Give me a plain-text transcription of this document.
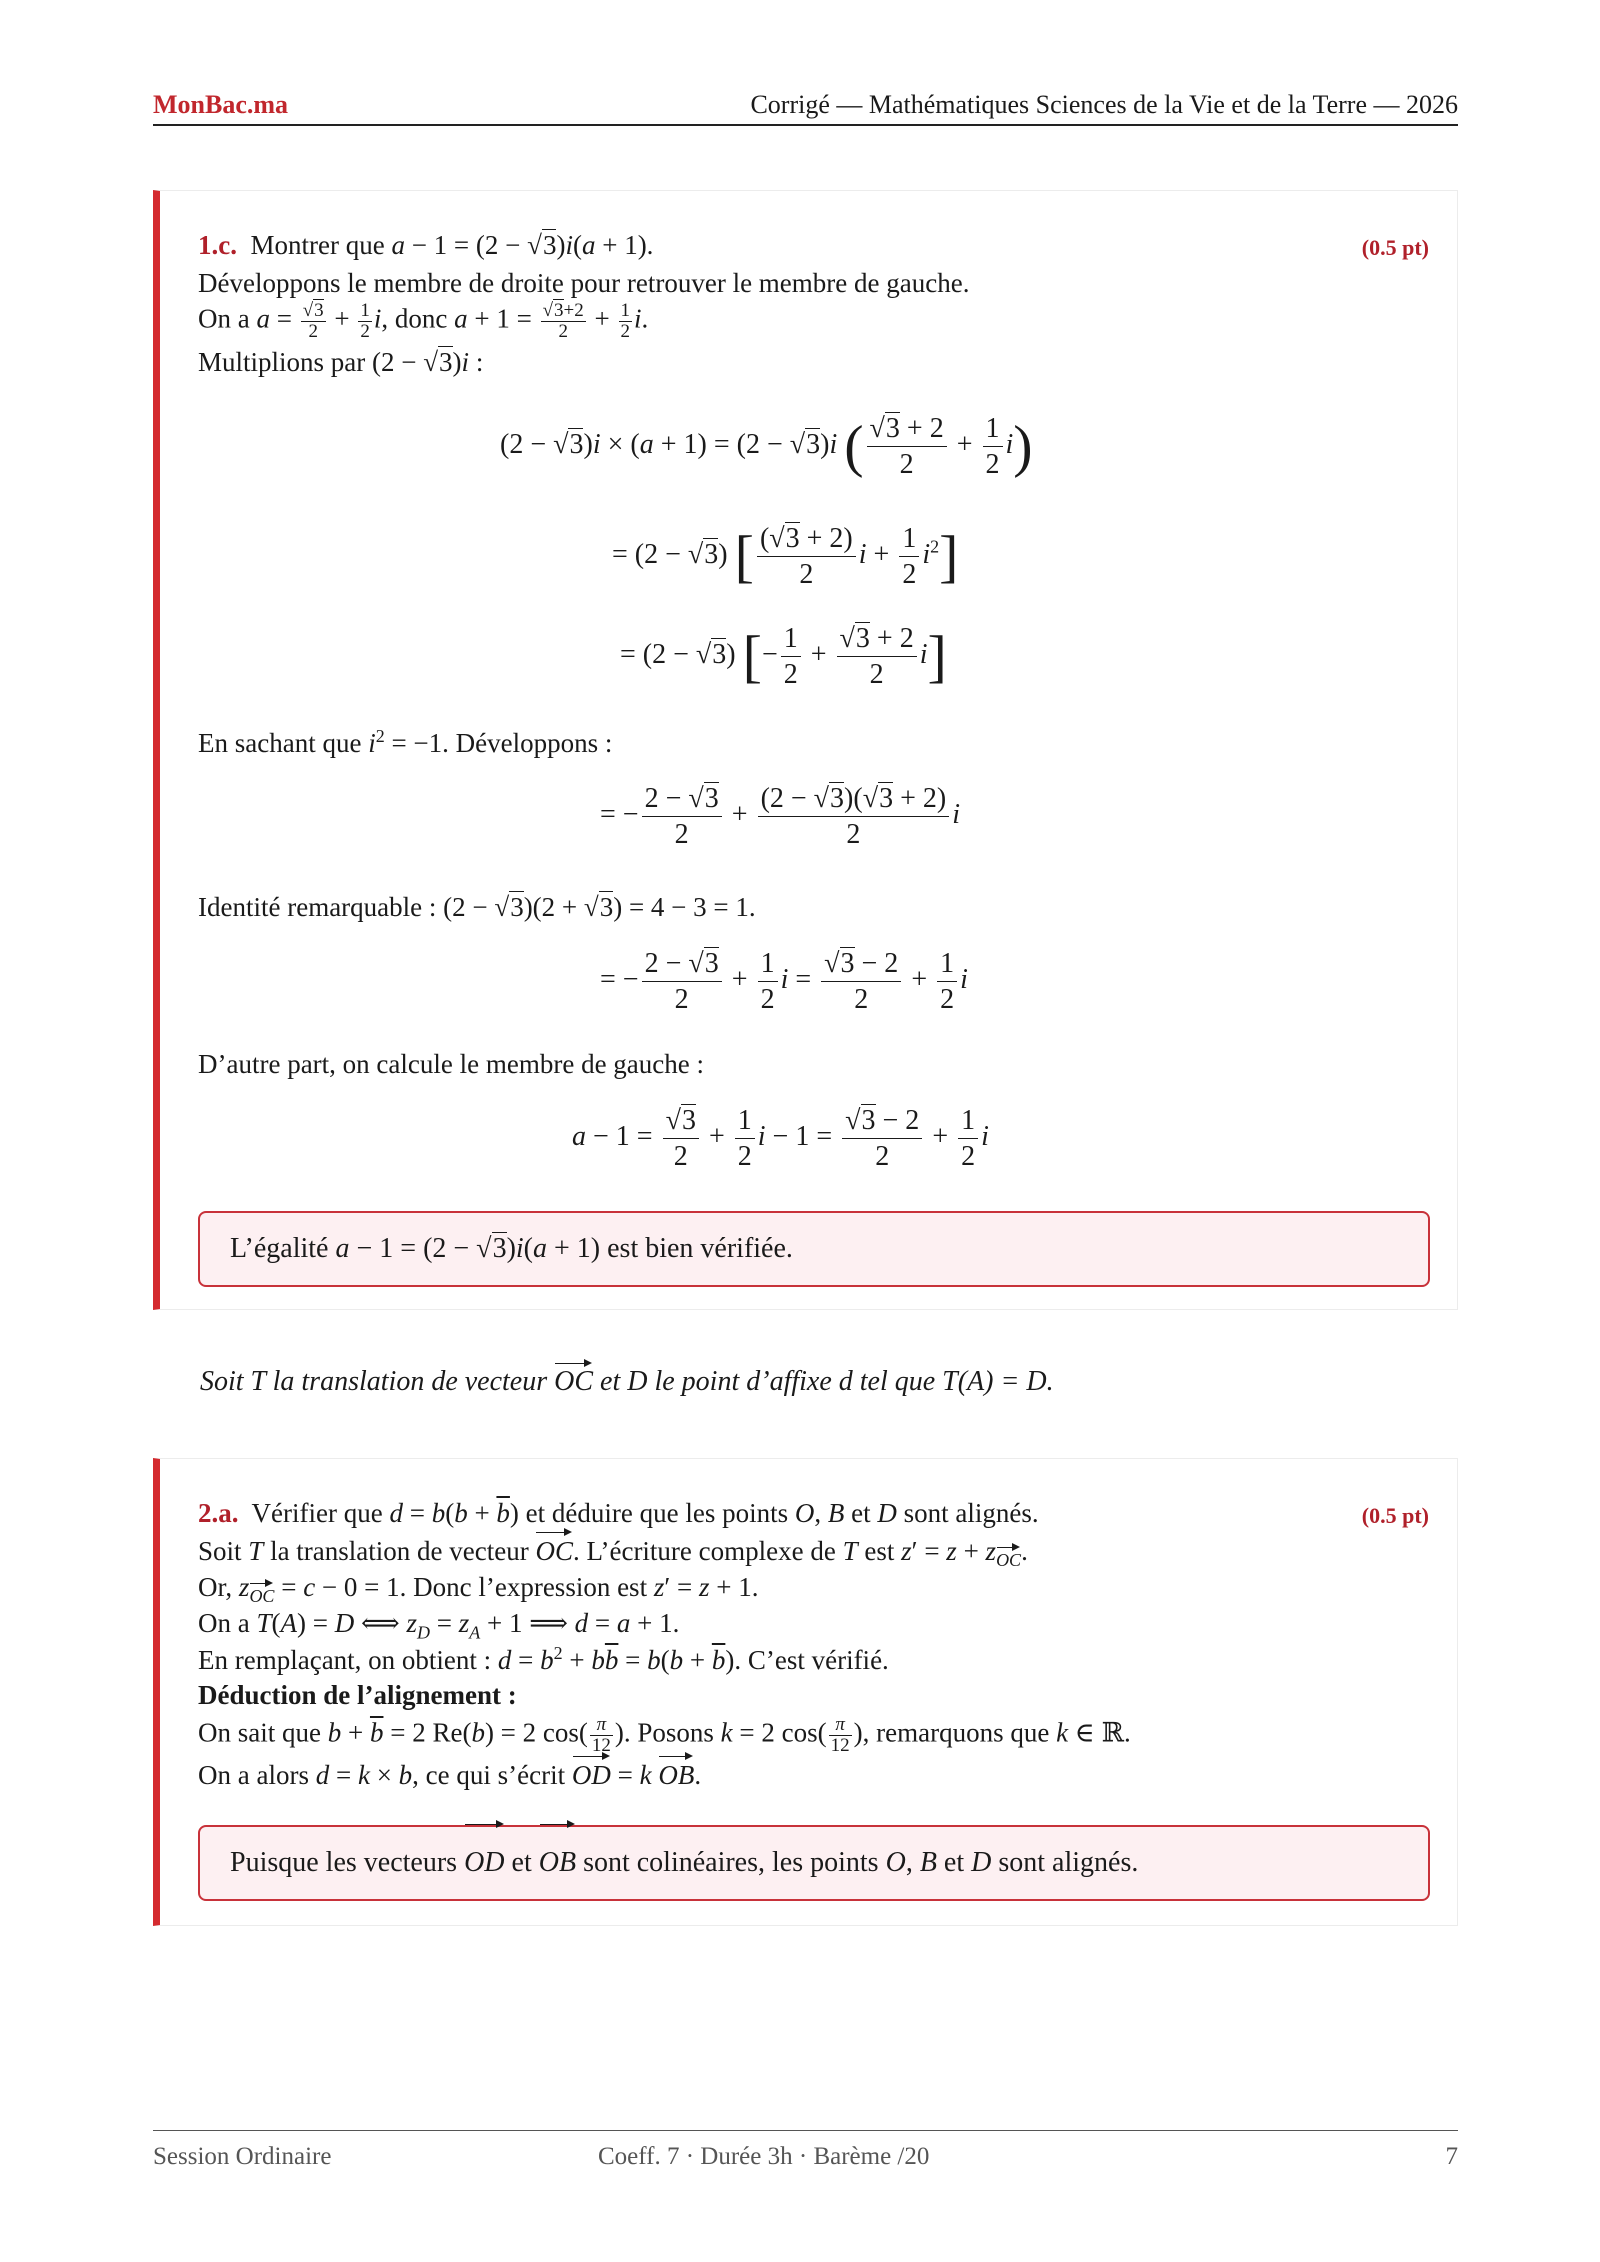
MonBac.ma	Corrigé — Mathématiques Sciences de la Vie et de la Terre — 2026
1.c.  Montrer que a − 1 = (2 − √3)i(a + 1).	(0.5 pt)
Développons le membre de droite pour retrouver le membre de gauche.
On a $a = \frac{√3}{2} + \frac{1}{2} i$, donc $a + 1 = \frac{√3+2}{2} + \frac{1}{2} i$.
Multiplions par (2 − √3)i :
(2 − √3)i × (a + 1) = (2 − √3)i ( $\frac{√3 + 2}{2} + \frac{1}{2} i$)
= (2 − √3) [ $\frac{(√3 + 2)}{2}$ $i + \frac{1}{2} i^2$]
= (2 − √3) [− $\frac{1}{2} + \frac{√3 + 2}{2} i$]
En sachant que $i^2 = -1$. Développons :
= − $\frac{2 - √3}{2} + \frac{(2 - √3)(√3 + 2)}{2}$ i
Identité remarquable : (2 − √3)(2 + √3) = 4 − 3 = 1.
= − $\frac{2 - √3}{2} + \frac{1}{2}$ $i = \frac{√3 - 2}{2} + \frac{1}{2}$ i
D’autre part, on calcule le membre de gauche :
$a - 1 = \frac{√3}{2} + \frac{1}{2}$ $i - 1 = \frac{√3 - 2}{2} + \frac{1}{2}$ i
L’égalité a − 1 = (2 − √3)i(a + 1) est bien vérifiée.
Soit T la translation de vecteur OC et D le point d’affixe d tel que T(A) = D.
2.a.  Vérifier que $d = b(b + \overline{b})$ et déduire que les points O, B et D sont alignés.	(0.5 pt)
Soit T la translation de vecteur OC. L’écriture complexe de T est $z' = z + z_{OC}$.
Or, $z_{OC} = c - 0 = 1$. Donc l’expression est z′ = z + 1.
On a T(A) = D ⟺ $z_D = z_A + 1$ ⟹ d = a + 1.
En remplaçant, on obtient : $d = b^2 + b\overline{b} = b(b + \overline{b})$. C’est vérifié.
Déduction de l’alignement :
On sait que $b + \overline{b} = 2$ Re(b) = 2 $\cos( \frac{\pi}{12}$ ). Posons k = 2 $\cos( \frac{\pi}{12}$ ), remarquons que k ∈ ℝ.
On a alors d = k × b, ce qui s’écrit OD = k OB.
Puisque les vecteurs OD et OB sont colinéaires, les points O, B et D sont alignés.
Session Ordinaire	Coeff. 7 · Durée 3h · Barème /20	7
